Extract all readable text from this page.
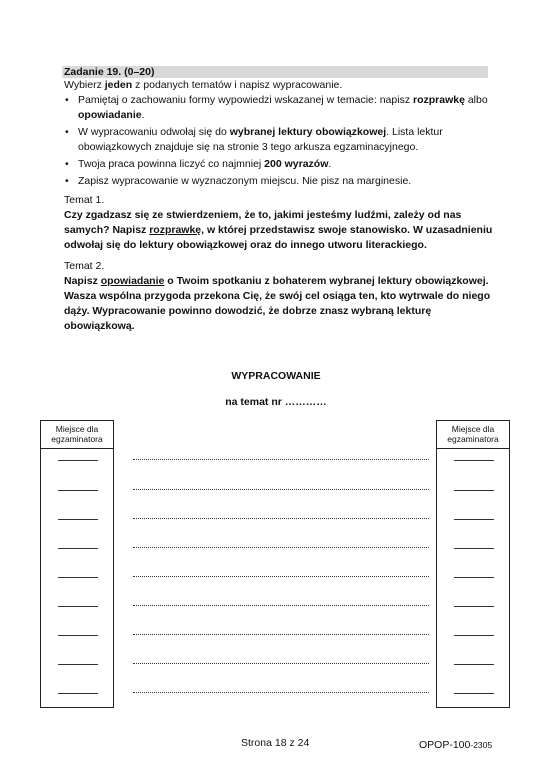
Zadanie 19. (0–20)
Wybierz jeden z podanych tematów i napisz wypracowanie.
• Pamiętaj o zachowaniu formy wypowiedzi wskazanej w temacie: napisz rozprawkę albo opowiadanie.
• W wypracowaniu odwołaj się do wybranej lektury obowiązkowej. Lista lektur obowiązkowych znajduje się na stronie 3 tego arkusza egzaminacyjnego.
• Twoja praca powinna liczyć co najmniej 200 wyrazów.
• Zapisz wypracowanie w wyznaczonym miejscu. Nie pisz na marginesie.
Temat 1.
Czy zgadzasz się ze stwierdzeniem, że to, jakimi jesteśmy ludźmi, zależy od nas samych? Napisz rozprawkę, w której przedstawisz swoje stanowisko. W uzasadnieniu odwołaj się do lektury obowiązkowej oraz do innego utworu literackiego.
Temat 2.
Napisz opowiadanie o Twoim spotkaniu z bohaterem wybranej lektury obowiązkowej. Wasza wspólna przygoda przekona Cię, że swój cel osiąga ten, kto wytrwale do niego dąży. Wypracowanie powinno dowodzić, że dobrze znasz wybraną lekturę obowiązkową.
WYPRACOWANIE
na temat nr …………
Miejsce dla egzaminatora
Miejsce dla egzaminatora
Strona 18 z 24	OPOP-100-2305
